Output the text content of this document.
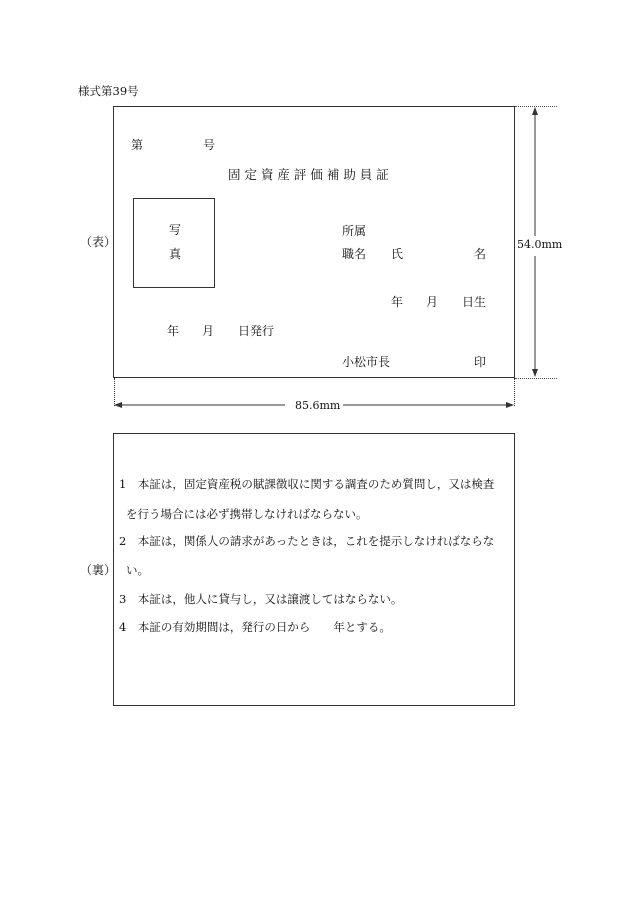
様式第39号
（表）
第	号
固 定 資 産 評 価 補 助 員 証
写
真
所属
職名 氏	名
年 月 日生
年 月 日発行
小松市長	印
54.0mm
85.6mm
（裏）
1　本証は，固定資産税の賦課徴収に関する調査のため質問し，又は検査
を行う場合には必ず携帯しなければならない。
2　本証は，関係人の請求があったときは，これを提示しなければならな
い。
3　本証は，他人に貸与し，又は譲渡してはならない。
4　本証の有効期間は，発行の日から　　年とする。
